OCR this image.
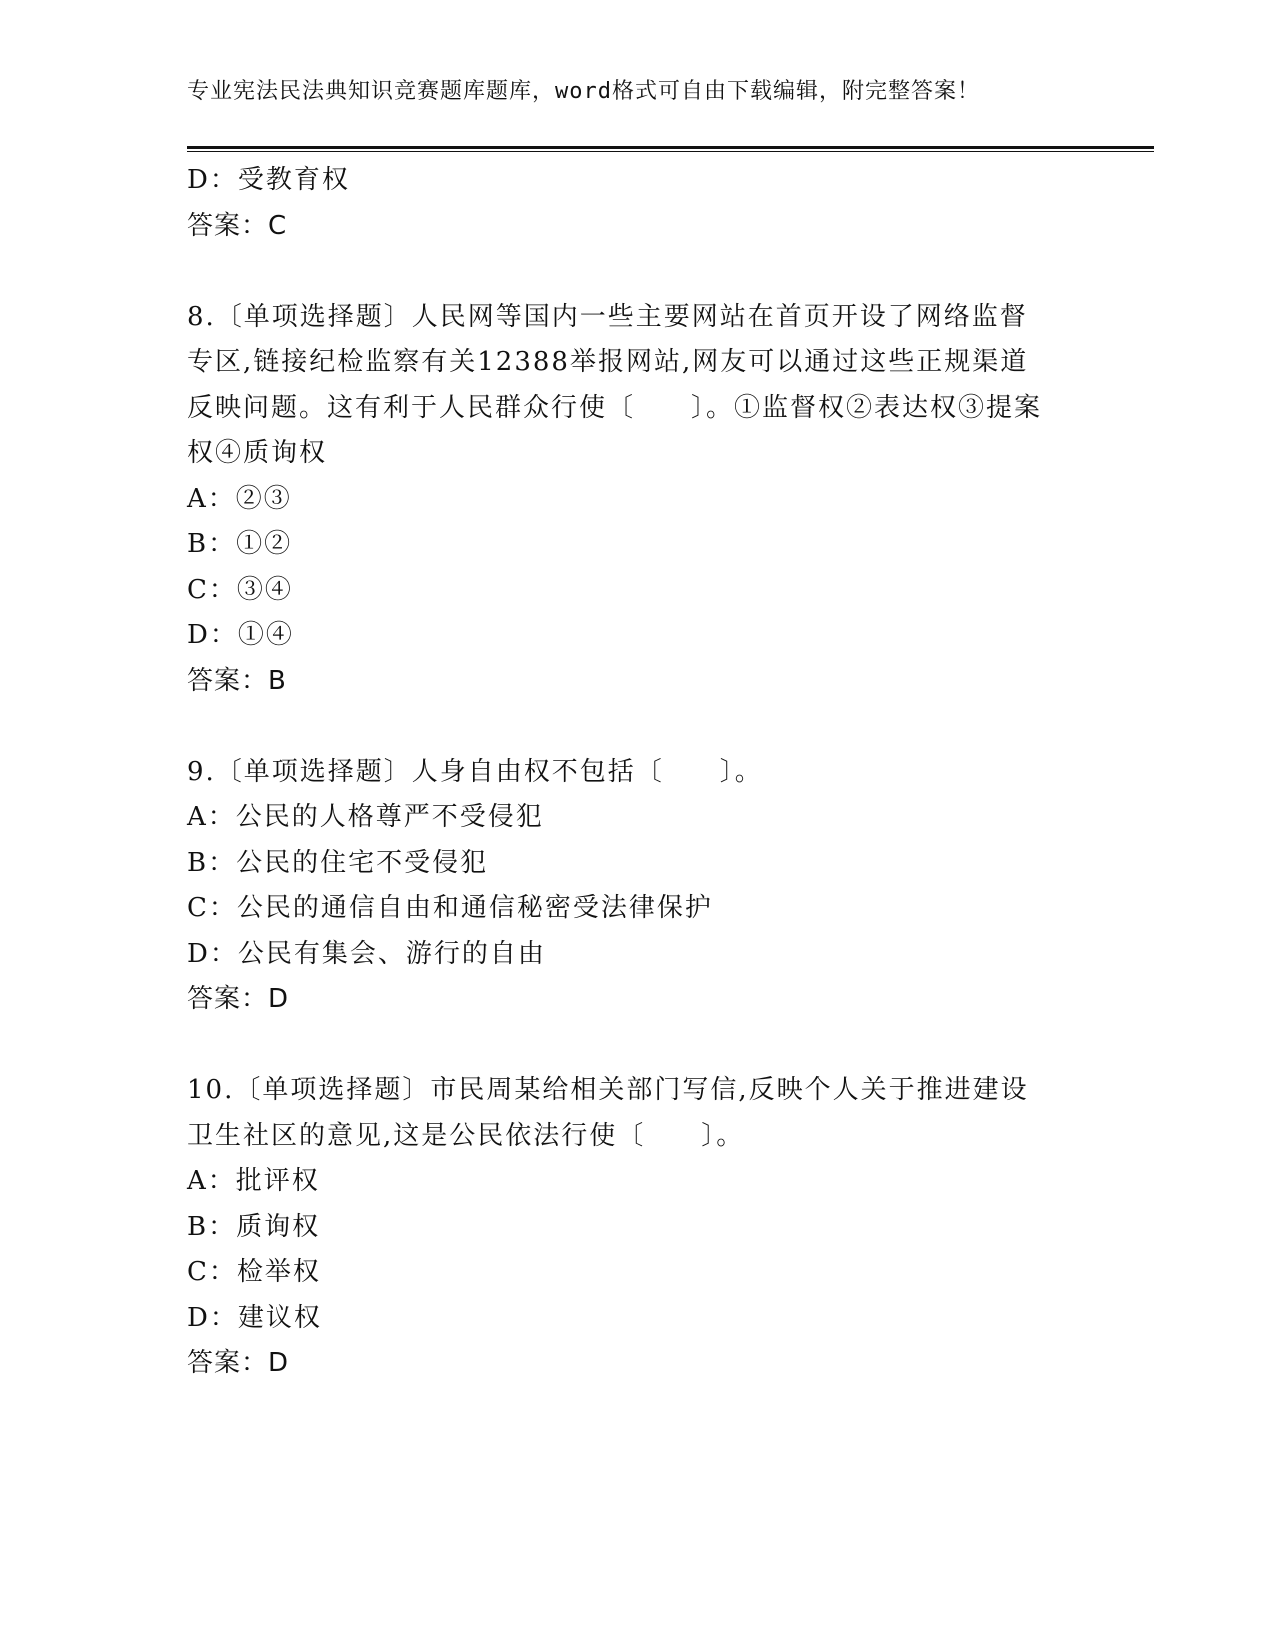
专业宪法民法典知识竞赛题库题库，word格式可自由下载编辑，附完整答案！
D：受教育权
答案：C
8.〔单项选择题〕人民网等国内一些主要网站在首页开设了网络监督
专区,链接纪检监察有关12388举报网站,网友可以通过这些正规渠道
反映问题。这有利于人民群众行使〔　　〕。①监督权②表达权③提案
权④质询权
A：②③
B：①②
C：③④
D：①④
答案：B
9.〔单项选择题〕人身自由权不包括〔　　〕。
A：公民的人格尊严不受侵犯
B：公民的住宅不受侵犯
C：公民的通信自由和通信秘密受法律保护
D：公民有集会、游行的自由
答案：D
10.〔单项选择题〕市民周某给相关部门写信,反映个人关于推进建设
卫生社区的意见,这是公民依法行使〔　　〕。
A：批评权
B：质询权
C：检举权
D：建议权
答案：D
